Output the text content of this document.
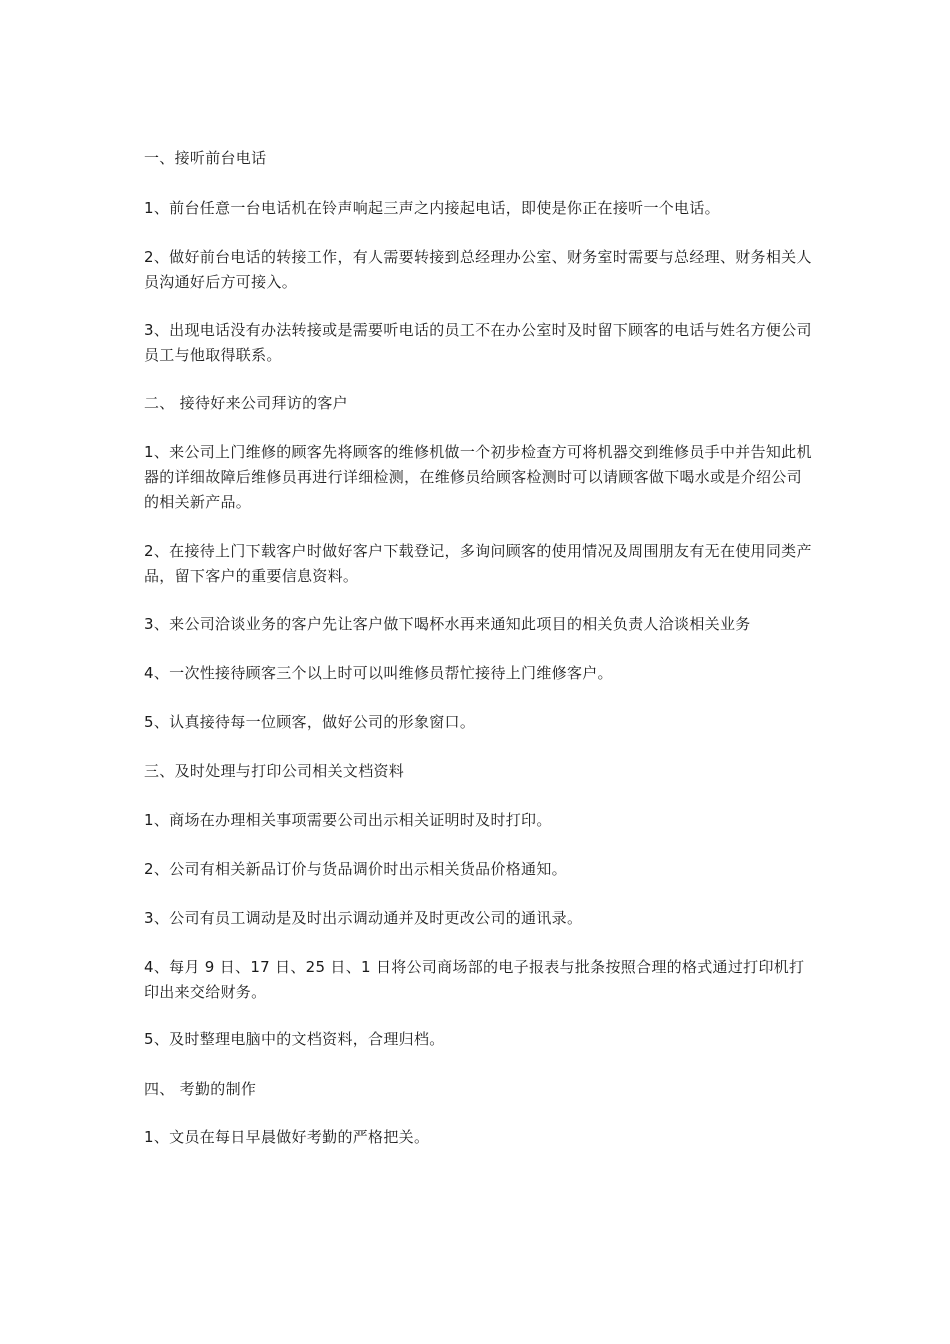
一、接听前台电话

1、前台任意一台电话机在铃声响起三声之内接起电话，即使是你正在接听一个电话。

2、做好前台电话的转接工作，有人需要转接到总经理办公室、财务室时需要与总经理、财务相关人员沟通好后方可接入。

3、出现电话没有办法转接或是需要听电话的员工不在办公室时及时留下顾客的电话与姓名方便公司员工与他取得联系。

二、 接待好来公司拜访的客户

1、来公司上门维修的顾客先将顾客的维修机做一个初步检查方可将机器交到维修员手中并告知此机器的详细故障后维修员再进行详细检测，在维修员给顾客检测时可以请顾客做下喝水或是介绍公司的相关新产品。

2、在接待上门下载客户时做好客户下载登记，多询问顾客的使用情况及周围朋友有无在使用同类产品，留下客户的重要信息资料。

3、来公司洽谈业务的客户先让客户做下喝杯水再来通知此项目的相关负责人洽谈相关业务

4、一次性接待顾客三个以上时可以叫维修员帮忙接待上门维修客户。

5、认真接待每一位顾客，做好公司的形象窗口。

三、及时处理与打印公司相关文档资料

1、商场在办理相关事项需要公司出示相关证明时及时打印。

2、公司有相关新品订价与货品调价时出示相关货品价格通知。

3、公司有员工调动是及时出示调动通并及时更改公司的通讯录。

4、每月 9 日、17 日、25 日、1 日将公司商场部的电子报表与批条按照合理的格式通过打印机打印出来交给财务。

5、及时整理电脑中的文档资料，合理归档。

四、 考勤的制作

1、文员在每日早晨做好考勤的严格把关。
